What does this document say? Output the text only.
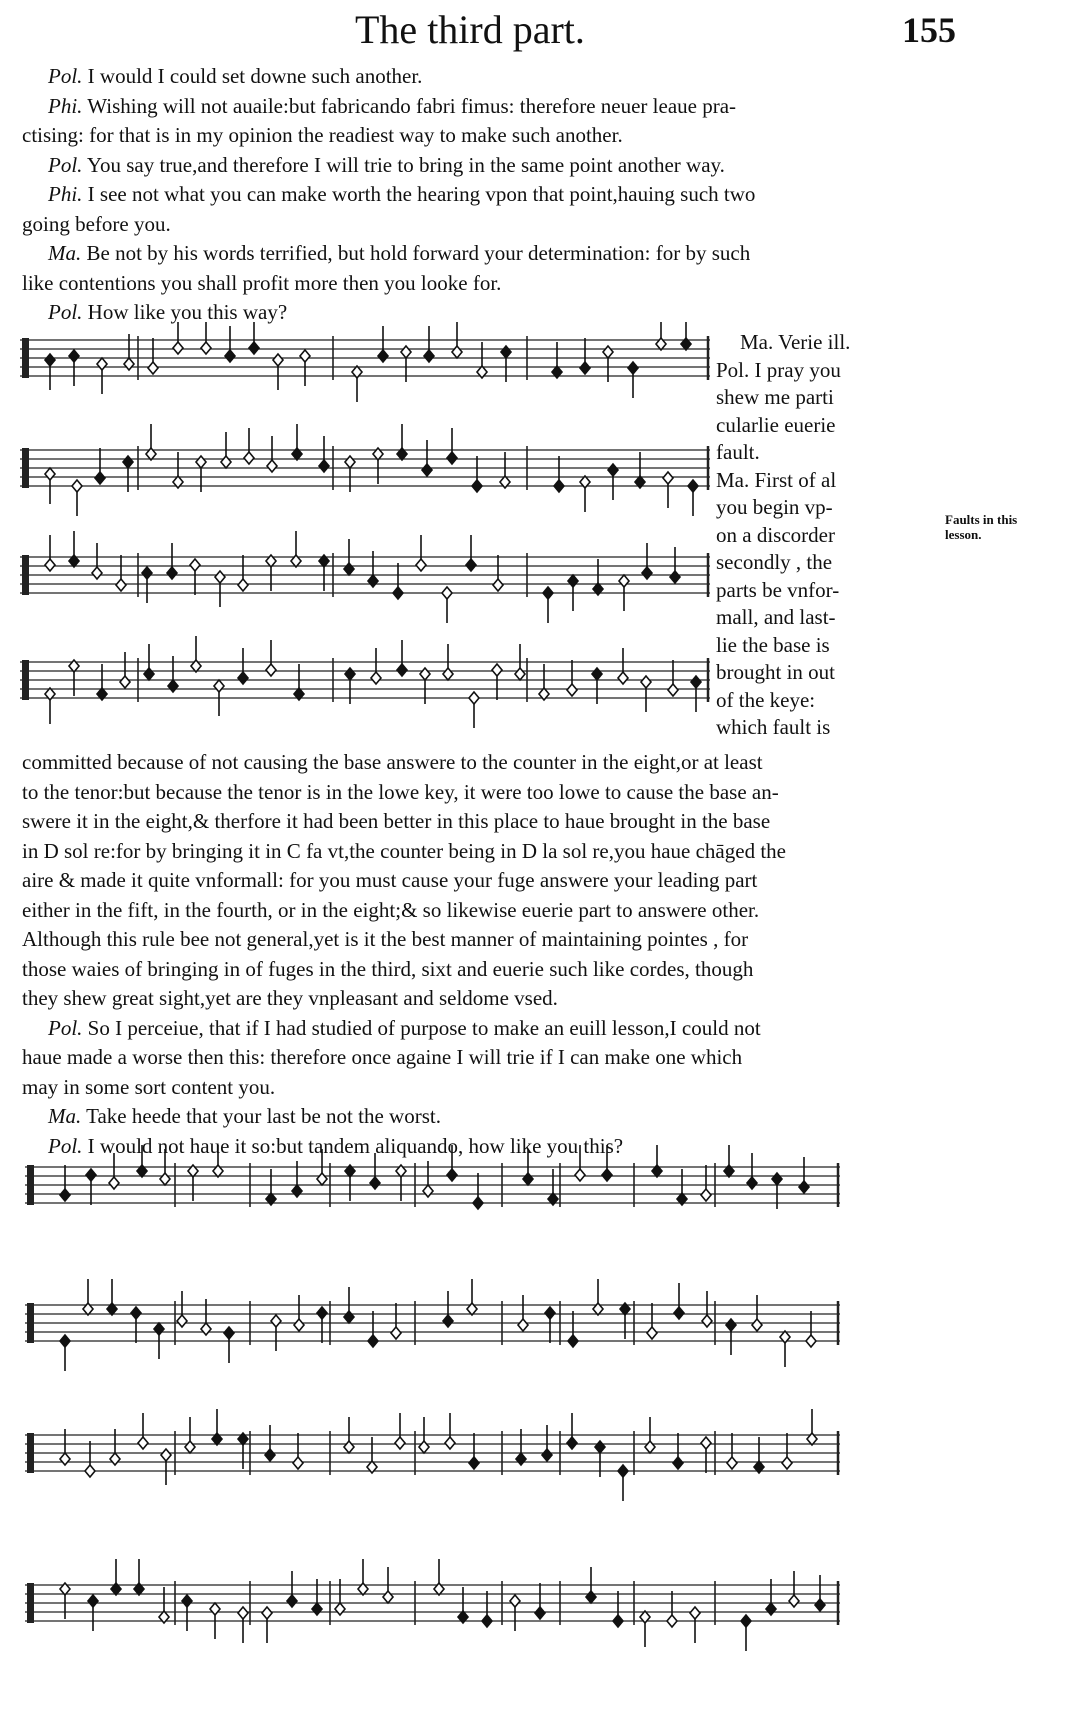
The third part.	155
Pol. I would I could set downe such another.
Phi. Wishing will not auaile:but fabricando fabri fimus: therefore neuer leaue pra-
ctising: for that is in my opinion the readiest way to make such another.
Pol. You say true,and therefore I will trie to bring in the same point another way.
Phi. I see not what you can make worth the hearing vpon that point,hauing such two
going before you.
Ma. Be not by his words terrified, but hold forward your determination: for by such
like contentions you shall profit more then you looke for.
Pol. How like you this way?
Ma. Verie ill.
Pol. I pray you
shew me parti
cularlie euerie
fault.
Ma. First of al
you begin vp-
on a discorder
secondly , the
parts be vnfor-
mall, and last-
lie the base is
brought in out
of the keye:
which fault is
Faults in this lesson.
committed because of not causing the base answere to the counter in the eight,or at least
to the tenor:but because the tenor is in the lowe key, it were too lowe to cause the base an-
swere it in the eight,& therfore it had been better in this place to haue brought in the base
in D sol re:for by bringing it in C fa vt,the counter being in D la sol re,you haue chāged the
aire & made it quite vnformall: for you must cause your fuge answere your leading part
either in the fift, in the fourth, or in the eight;& so likewise euerie part to answere other.
Although this rule bee not general,yet is it the best manner of maintaining pointes , for
those waies of bringing in of fuges in the third, sixt and euerie such like cordes, though
they shew great sight,yet are they vnpleasant and seldome vsed.
Pol. So I perceiue, that if I had studied of purpose to make an euill lesson,I could not
haue made a worse then this: therefore once againe I will trie if I can make one which
may in some sort content you.
Ma. Take heede that your last be not the worst.
Pol. I would not haue it so:but tandem aliquando, how like you this?
